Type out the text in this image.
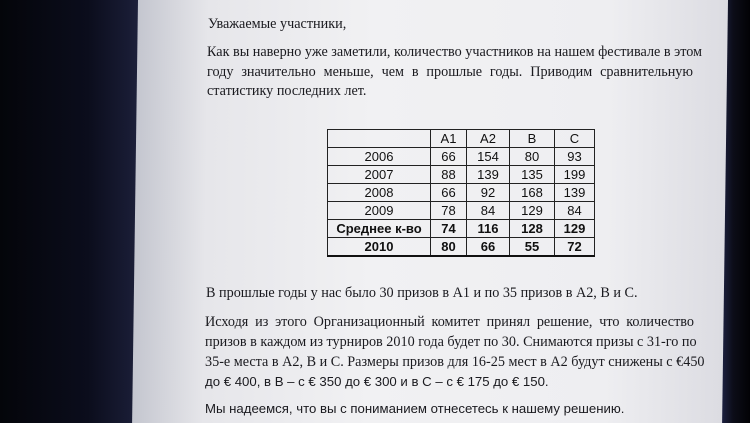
Уважаемые участники,

Как вы наверно уже заметили, количество участников на нашем фестивале в этом

году значительно меньше, чем в прошлые годы. Приводим сравнительную

статистику последних лет.

	A1	A2	B	C
2006	66	154	80	93
2007	88	139	135	199
2008	66	92	168	139
2009	78	84	129	84
Среднее к-во	74	116	128	129
2010	80	66	55	72

В прошлые годы у нас было 30 призов в A1 и по 35 призов в A2, B и C.

Исходя из этого Организационный комитет принял решение, что количество

призов в каждом из турниров 2010 года будет по 30. Снимаются призы с 31-го по

35-е места в А2, В и С. Размеры призов для 16-25 мест в А2 будут снижены с €450

до € 400, в В – с € 350 до € 300 и в С – с € 175 до € 150.

Мы надеемся, что вы с пониманием отнесетесь к нашему решению.
